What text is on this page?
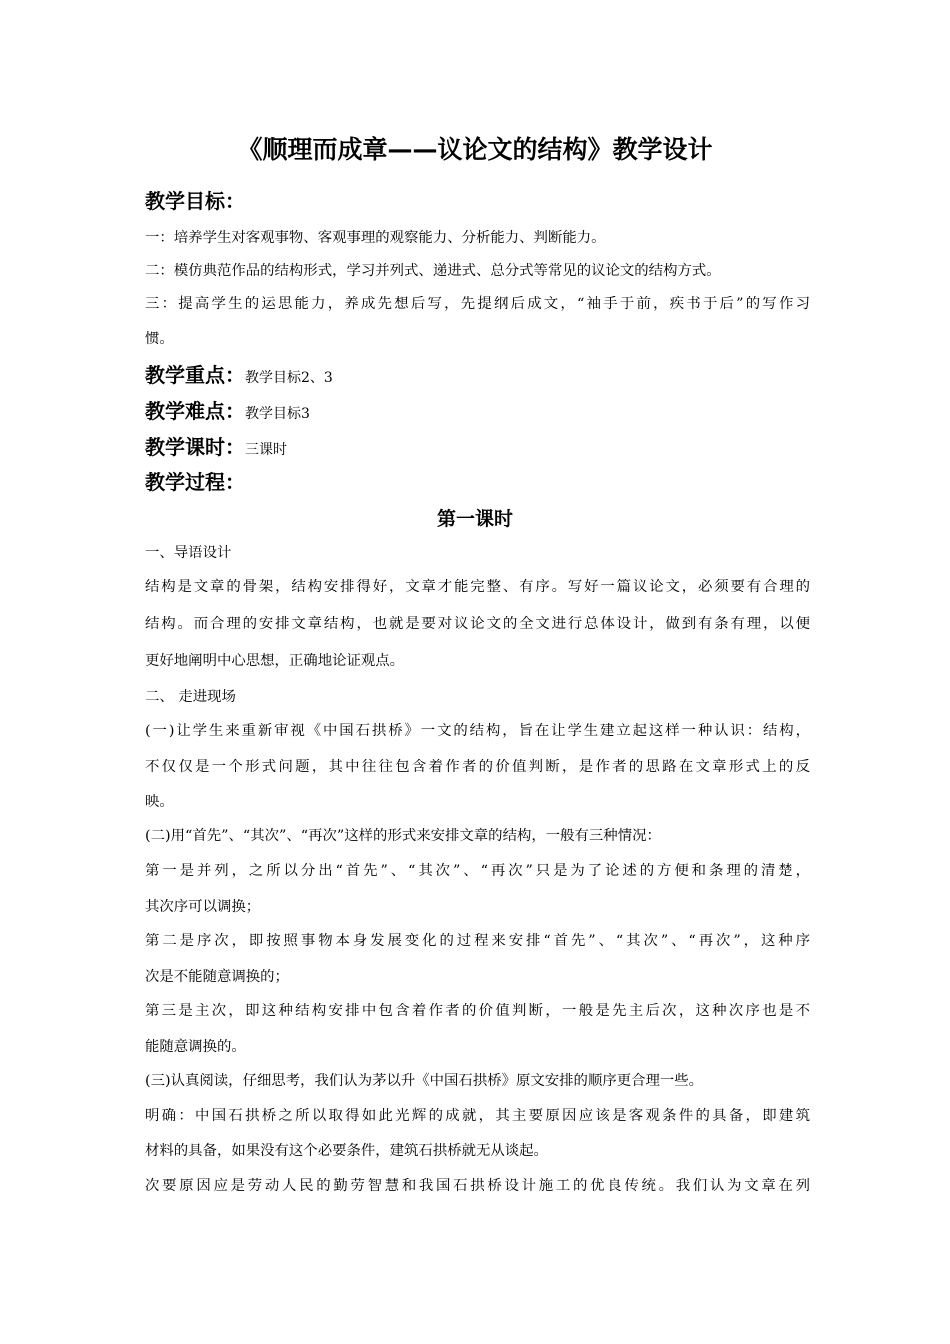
《顺理而成章——议论文的结构》教学设计
教学目标：
一：培养学生对客观事物、客观事理的观察能力、分析能力、判断能力。
二：模仿典范作品的结构形式，学习并列式、递进式、总分式等常见的议论文的结构方式。
三：提高学生的运思能力，养成先想后写，先提纲后成文，“袖手于前，疾书于后”的写作习
惯。
教学重点：教学目标2、3
教学难点：教学目标3
教学课时：三课时
教学过程：
第一课时
一、导语设计
结构是文章的骨架，结构安排得好，文章才能完整、有序。写好一篇议论文，必须要有合理的
结构。而合理的安排文章结构，也就是要对议论文的全文进行总体设计，做到有条有理，以便
更好地阐明中心思想，正确地论证观点。
二、 走进现场
(一)让学生来重新审视《中国石拱桥》一文的结构，旨在让学生建立起这样一种认识：结构，
不仅仅是一个形式问题，其中往往包含着作者的价值判断，是作者的思路在文章形式上的反
映。
(二)用“首先”、“其次”、“再次”这样的形式来安排文章的结构，一般有三种情况：
第一是并列，之所以分出“首先”、“其次”、“再次”只是为了论述的方便和条理的清楚，
其次序可以调换；
第二是序次，即按照事物本身发展变化的过程来安排“首先”、“其次”、“再次”，这种序
次是不能随意调换的；
第三是主次，即这种结构安排中包含着作者的价值判断，一般是先主后次，这种次序也是不
能随意调换的。
(三)认真阅读，仔细思考，我们认为茅以升《中国石拱桥》原文安排的顺序更合理一些。
明确：中国石拱桥之所以取得如此光辉的成就，其主要原因应该是客观条件的具备，即建筑
材料的具备，如果没有这个必要条件，建筑石拱桥就无从谈起。
次要原因应是劳动人民的勤劳智慧和我国石拱桥设计施工的优良传统。我们认为文章在列
